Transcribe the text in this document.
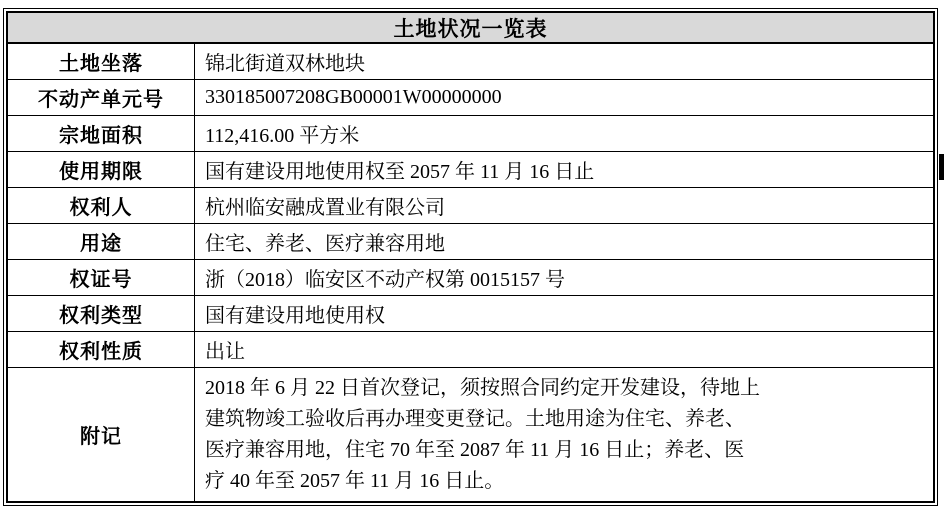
土地状况一览表
土地坐落	锦北街道双林地块
不动产单元号	330185007208GB00001W00000000
宗地面积	112,416.00 平方米
使用期限	国有建设用地使用权至 2057 年 11 月 16 日止
权利人	杭州临安融成置业有限公司
用途	住宅、养老、医疗兼容用地
权证号	浙（2018）临安区不动产权第 0015157 号
权利类型	国有建设用地使用权
权利性质	出让
附记
2018 年 6 月 22 日首次登记，须按照合同约定开发建设，待地上
建筑物竣工验收后再办理变更登记。土地用途为住宅、养老、
医疗兼容用地，住宅 70 年至 2087 年 11 月 16 日止；养老、医
疗 40 年至 2057 年 11 月 16 日止。
